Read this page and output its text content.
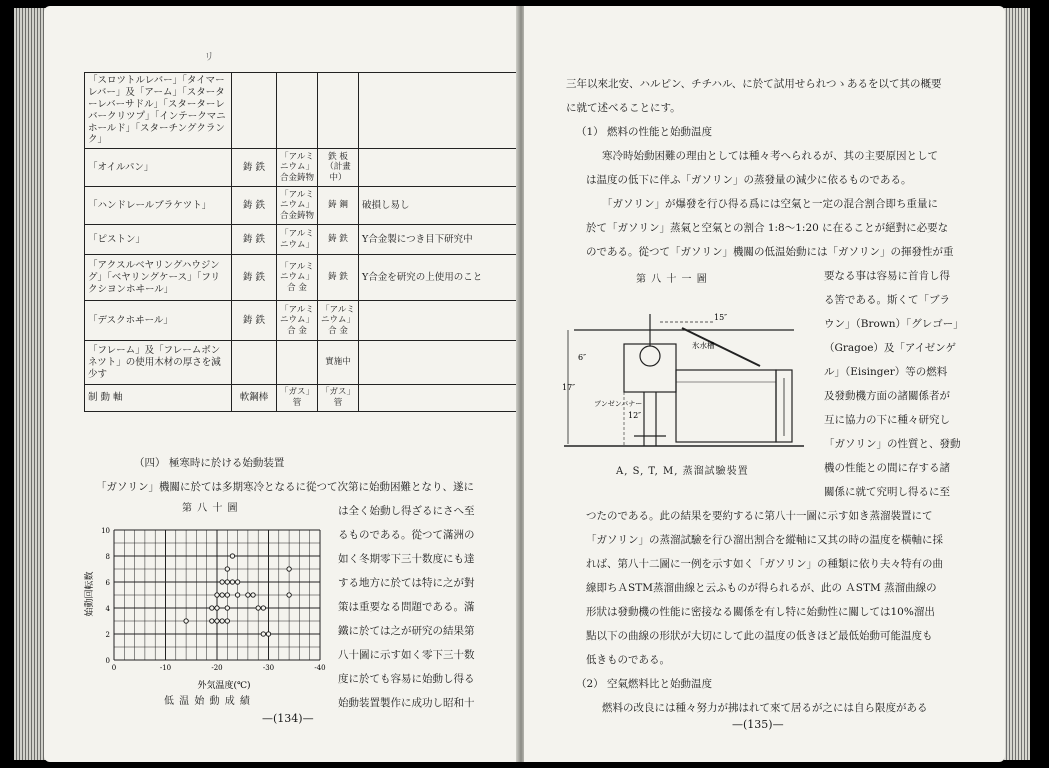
リ
「スロツトルレバー」「タイマーレバー」及「アーム」「スターターレバーサドル」「スターターレバークリツプ」「インテークマニホールド」「スターチングクランク」				
「オイルパン」	鋳 鉄	「アルミニウム」合金鋳物	鉄 板（計畫中）	
「ハンドレールブラケツト」	鋳 鉄	「アルミニウム」合金鋳物	鋳 鋼	破損し易し
「ピストン」	鋳 鉄	「アルミニウム」	鋳 鉄	Y合金製につき目下研究中
「アクスルベヤリングハウジング」「ベヤリングケース」「フリクシヨンホヰール」	鋳 鉄	「アルミニウム」合 金	鋳 鉄	Y合金を研究の上使用のこと
「デスクホヰール」	鋳 鉄	「アルミニウム」合 金	「アルミニウム」合 金	
「フレーム」及「フレームボンネツト」の使用木材の厚さを減少す			實施中	
制 動 軸	軟鋼棒	「ガス」管	「ガス」管	
（四） 極寒時に於ける始動装置
「ガソリン」機關に於ては多期寒冷となるに從つて次第に始動困難となり、遂に
は全く始動し得ざるにさへ至
るものである。從つて滿洲の
如く冬期零下三十数度にも達
する地方に於ては特に之が對
策は重要なる問題である。滿
鐵に於ては之が研究の結果第
八十圖に示す如く零下三十数
度に於ても容易に始動し得る
始動装置製作に成功し昭和十
第 八 十 圖
10
8
6
4
2
0
0	-10	-20	-30	-40
始動回転数
外気温度(℃)
低 温 始 動 成 績
—(134)—
三年以來北安、ハルピン、チチハル、に於て試用せられつゝあるを以て其の概要
に就て述べることにす。
（1） 燃料の性能と始動温度
寒冷時始動困難の理由としては種々考へられるが、其の主要原因として
は温度の低下に伴ふ「ガソリン」の蒸發量の減少に依るものである。
「ガソリン」が爆發を行ひ得る爲には空氣と一定の混合割合即ち重量に
於て「ガソリン」蒸氣と空氣との割合 1:8～1:20 に在ることが絕對に必要な
のである。從つて「ガソリン」機關の低温始動には「ガソリン」の揮發性が重
第 八 十 一 圖
15″
17″
12″
6″
氷水槽
ブンゼンバナー
A, S, T, M, 蒸溜試驗裝置
要なる事は容易に首肯し得
る筈である。斯くて「ブラ
ウン」（Brown）「グレゴー」
（Gragoe）及「アイゼンゲ
ル」（Eisinger）等の燃料
及發動機方面の諸關係者が
互に協力の下に種々研究し
「ガソリン」の性質と、發動
機の性能との間に存する諸
關係に就て究明し得るに至
つたのである。此の結果を要約するに第八十一圖に示す如き蒸溜裝置にて
「ガソリン」の蒸溜試驗を行ひ溜出割合を縱軸に又其の時の温度を橫軸に採
れば、第八十二圖に一例を示す如く「ガソリン」の種類に依り夫々特有の曲
線即ちＡSTM蒸溜曲線と云ふものが得られるが、此の ＡSTM 蒸溜曲線の
形狀は發動機の性能に密接なる關係を有し特に始動性に關しては10%溜出
點以下の曲線の形狀が大切にして此の温度の低きほど最低始動可能温度も
低きものである。
（2） 空氣燃料比と始動温度
燃料の改良には種々努力が拂はれて來て居るが之には自ら限度がある
—(135)—
